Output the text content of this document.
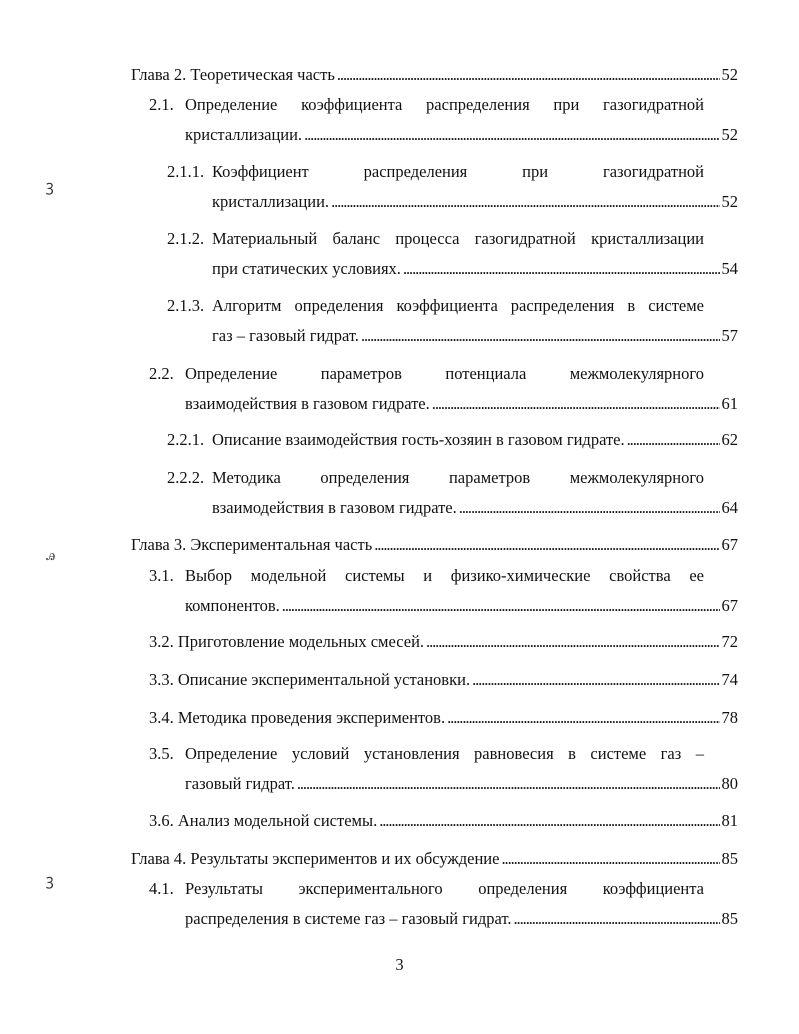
Глава 2. Теоретическая часть . . .	52
2.1. Определение коэффициента распределения при газогидратной
кристаллизации. . . .	52
2.1.1. Коэффициент распределения при газогидратной
кристаллизации. . . .	52
2.1.2. Материальный баланс процесса газогидратной кристаллизации
при статических условиях. . . .	54
2.1.3. Алгоритм определения коэффициента распределения в системе
газ – газовый гидрат. . . .	57
2.2. Определение параметров потенциала межмолекулярного
взаимодействия в газовом гидрате. . . .	61
2.2.1. Описание взаимодействия гость-хозяин в газовом гидрате. . . .	62
2.2.2. Методика определения параметров межмолекулярного
взаимодействия в газовом гидрате. . . .	64
Глава 3. Экспериментальная часть . . .	67
3.1. Выбор модельной системы и физико-химические свойства ее
компонентов. . . .	67
3.2. Приготовление модельных смесей. . . .	72
3.3. Описание экспериментальной установки. . . .	74
3.4. Методика проведения экспериментов. . . .	78
3.5. Определение условий установления равновесия в системе газ –
газовый гидрат. . . .	80
3.6. Анализ модельной системы. . . .	81
Глава 4. Результаты экспериментов и их обсуждение . . .	85
4.1. Результаты экспериментального определения коэффициента
распределения в системе газ – газовый гидрат. . . .	85
3
ꝫ
ꭿ
ꝫ
